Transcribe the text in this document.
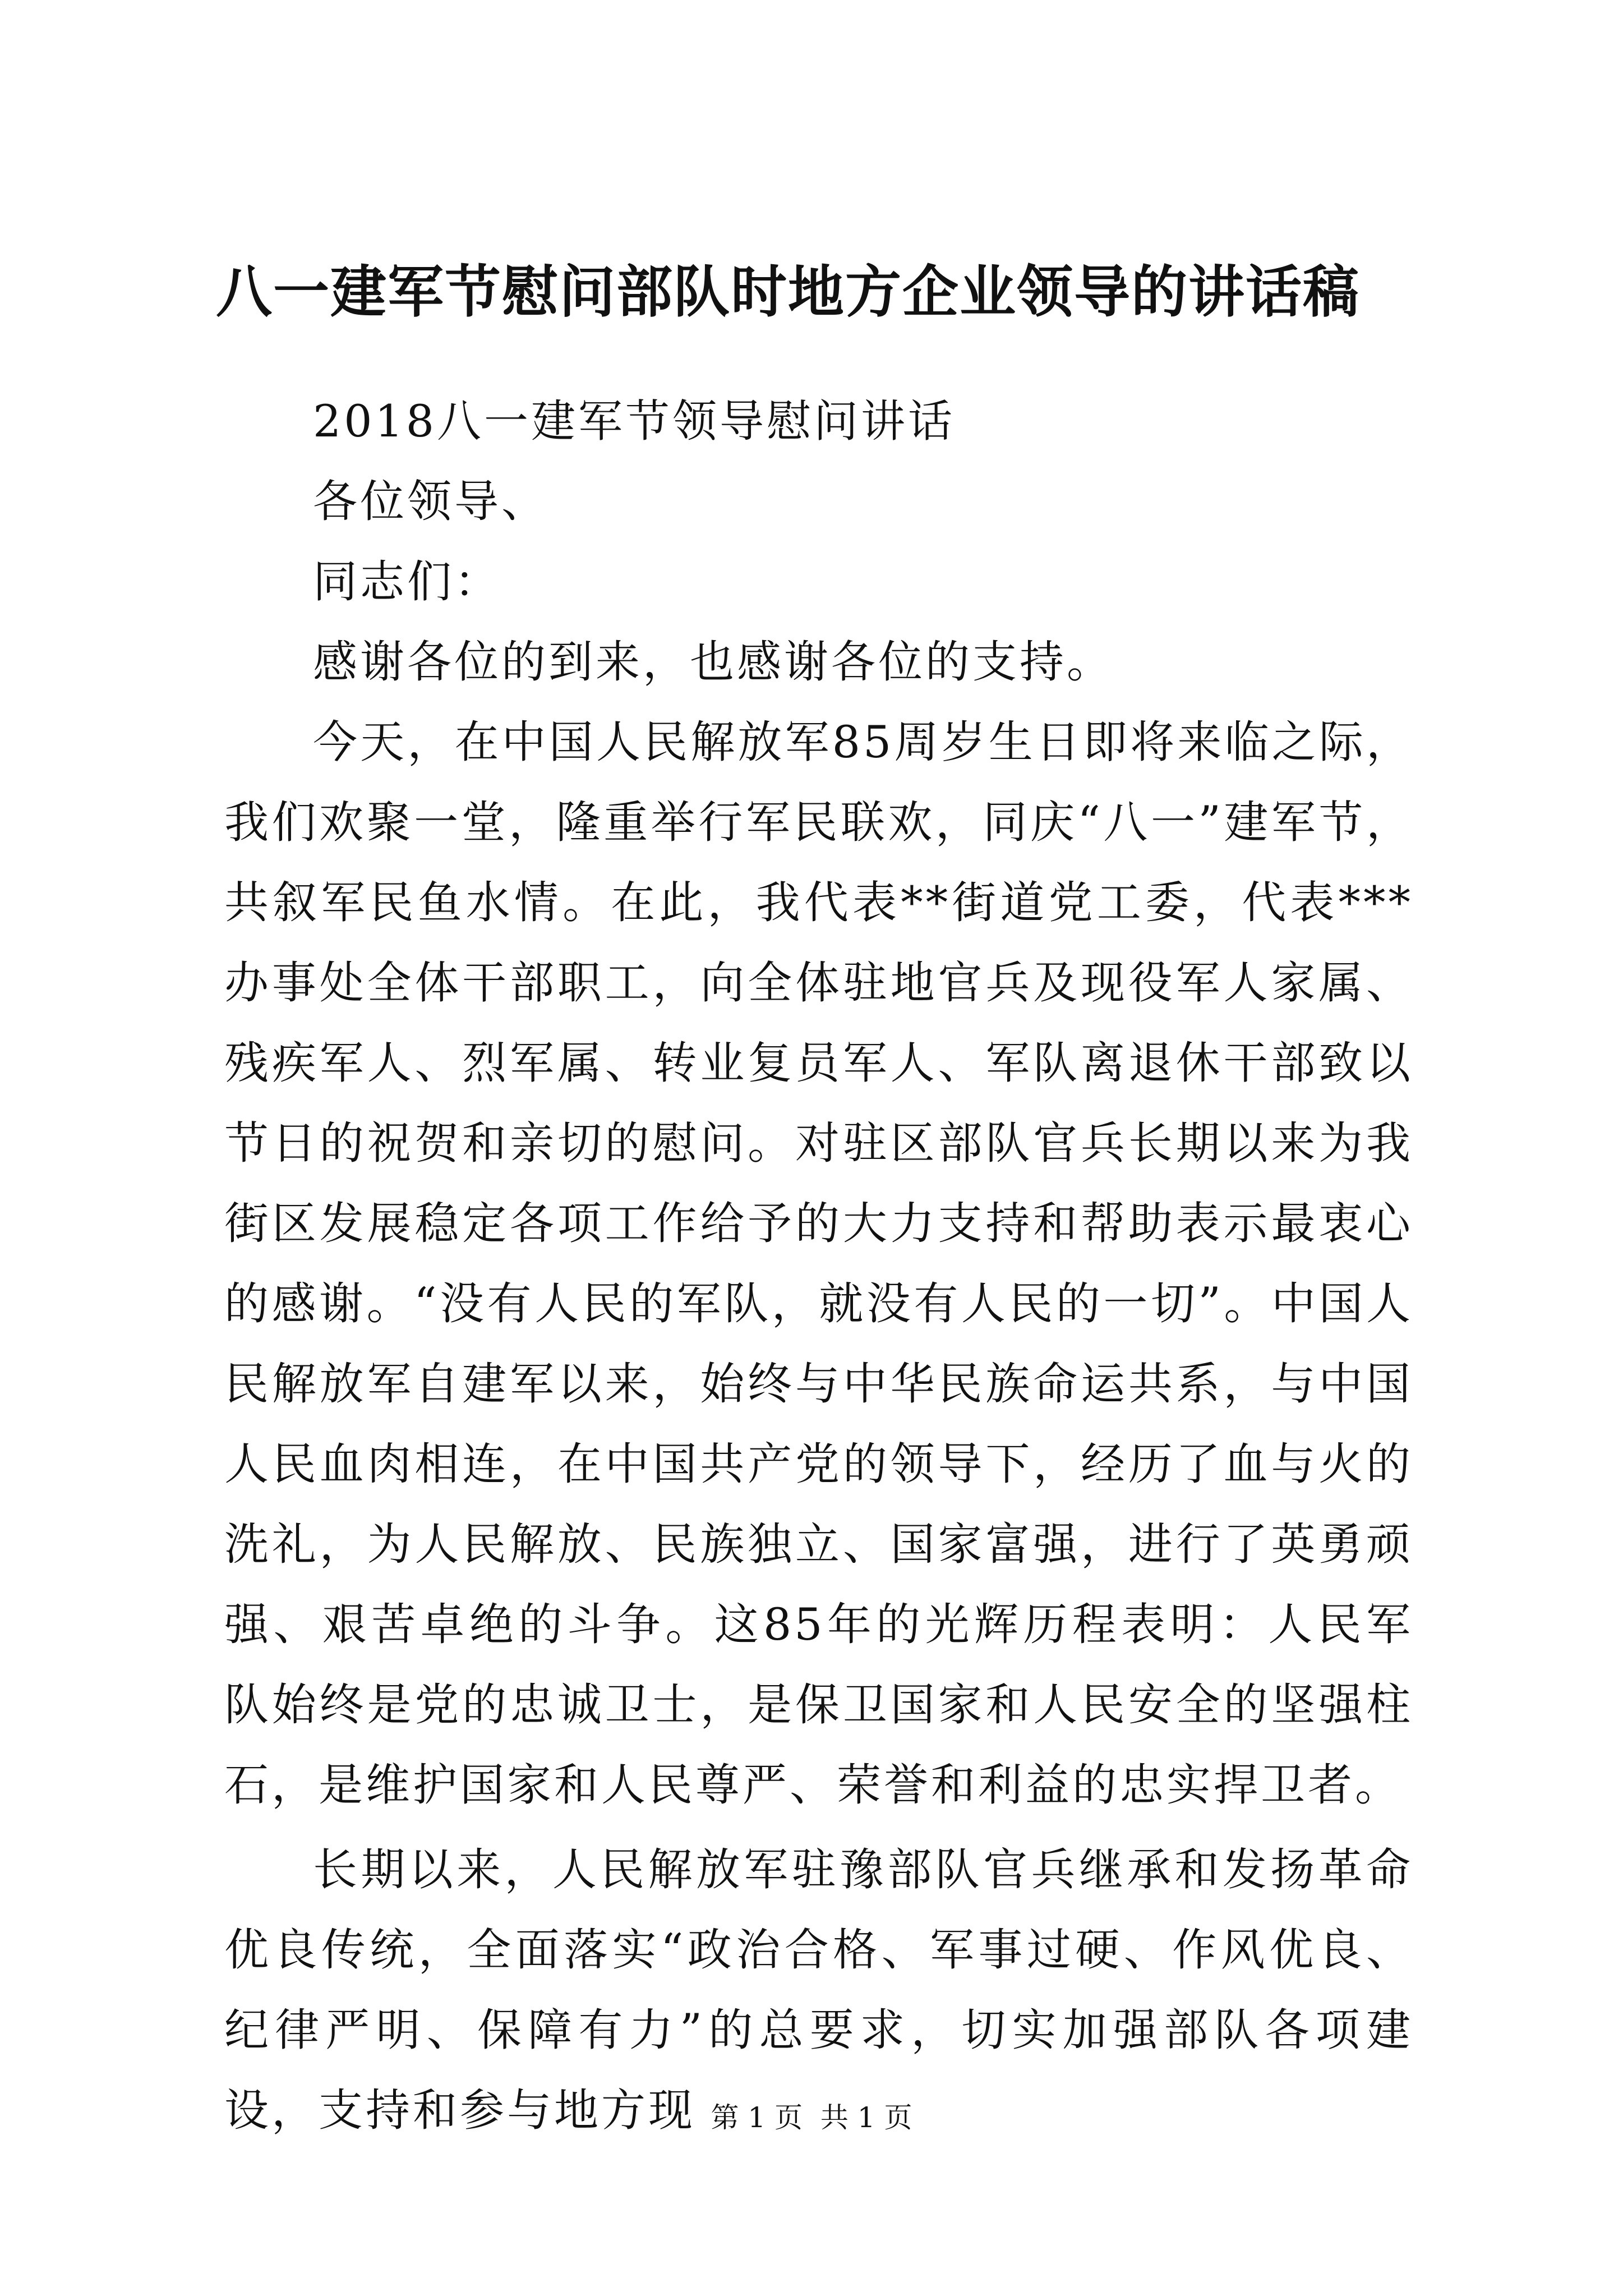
八一建军节慰问部队时地方企业领导的讲话稿

2018八一建军节领导慰问讲话

各位领导、

同志们：

感谢各位的到来，也感谢各位的支持。

今天，在中国人民解放军85周岁生日即将来临之际，我们欢聚一堂，隆重举行军民联欢，同庆“八一”建军节，共叙军民鱼水情。在此，我代表**街道党工委，代表***办事处全体干部职工，向全体驻地官兵及现役军人家属、残疾军人、烈军属、转业复员军人、军队离退休干部致以节日的祝贺和亲切的慰问。对驻区部队官兵长期以来为我街区发展稳定各项工作给予的大力支持和帮助表示最衷心的感谢。“没有人民的军队，就没有人民的一切”。中国人民解放军自建军以来，始终与中华民族命运共系，与中国人民血肉相连，在中国共产党的领导下，经历了血与火的洗礼，为人民解放、民族独立、国家富强，进行了英勇顽强、艰苦卓绝的斗争。这85年的光辉历程表明：人民军队始终是党的忠诚卫士，是保卫国家和人民安全的坚强柱石，是维护国家和人民尊严、荣誉和利益的忠实捍卫者。

长期以来，人民解放军驻豫部队官兵继承和发扬革命优良传统，全面落实“政治合格、军事过硬、作风优良、纪律严明、保障有力”的总要求，切实加强部队各项建设，支持和参与地方现 第 1 页  共 1 页
